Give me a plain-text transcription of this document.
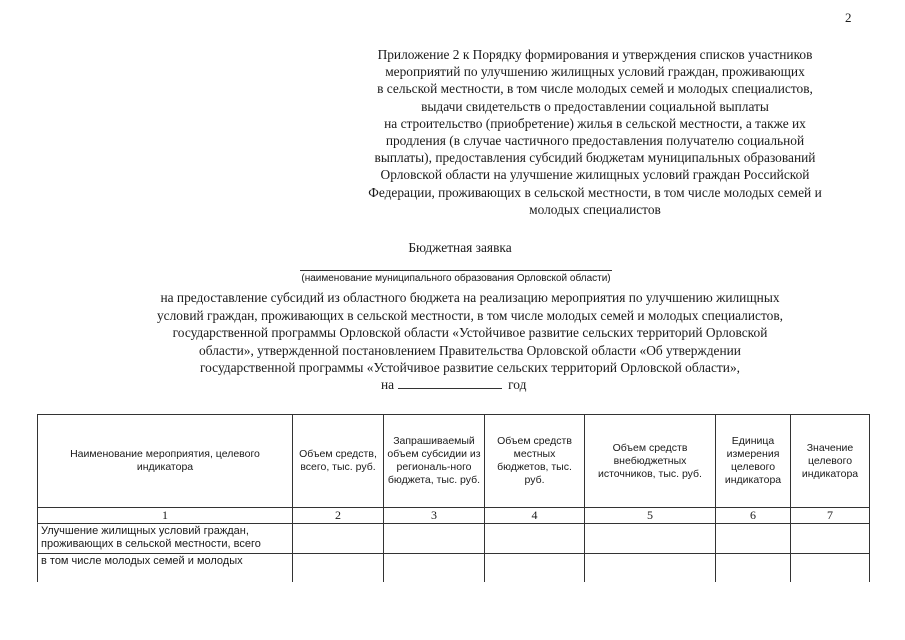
2
Приложение 2 к Порядку формирования и утверждения списков участников
мероприятий по улучшению жилищных условий граждан, проживающих
в сельской местности, в том числе молодых семей и молодых специалистов,
выдачи свидетельств о предоставлении социальной выплаты
на строительство (приобретение) жилья в сельской местности, а также их
продления (в случае частичного предоставления получателю социальной
выплаты), предоставления субсидий бюджетам муниципальных образований
Орловской области на улучшение жилищных условий граждан Российской
Федерации, проживающих в сельской местности, в том числе молодых семей и
молодых специалистов
Бюджетная заявка
(наименование муниципального образования Орловской области)
на предоставление субсидий из областного бюджета на реализацию мероприятия по улучшению жилищных
условий граждан, проживающих в сельской местности, в том числе молодых семей и молодых специалистов,
государственной программы Орловской области «Устойчивое развитие сельских территорий Орловской
области», утвержденной постановлением Правительства Орловской области «Об утверждении
государственной программы «Устойчивое развитие сельских территорий Орловской области»,
на	год
Наименование мероприятия, целевого индикатора	Объем средств, всего, тыс. руб.	Запрашиваемый объем субсидии из региональ-ного бюджета, тыс. руб.	Объем средств местных бюджетов, тыс. руб.	Объем средств внебюджетных источников, тыс. руб.	Единица измерения целевого индикатора	Значение целевого индикатора
1	2	3	4	5	6	7
Улучшение жилищных условий граждан, проживающих в сельской местности, всего						
в том числе молодых семей и молодых						
